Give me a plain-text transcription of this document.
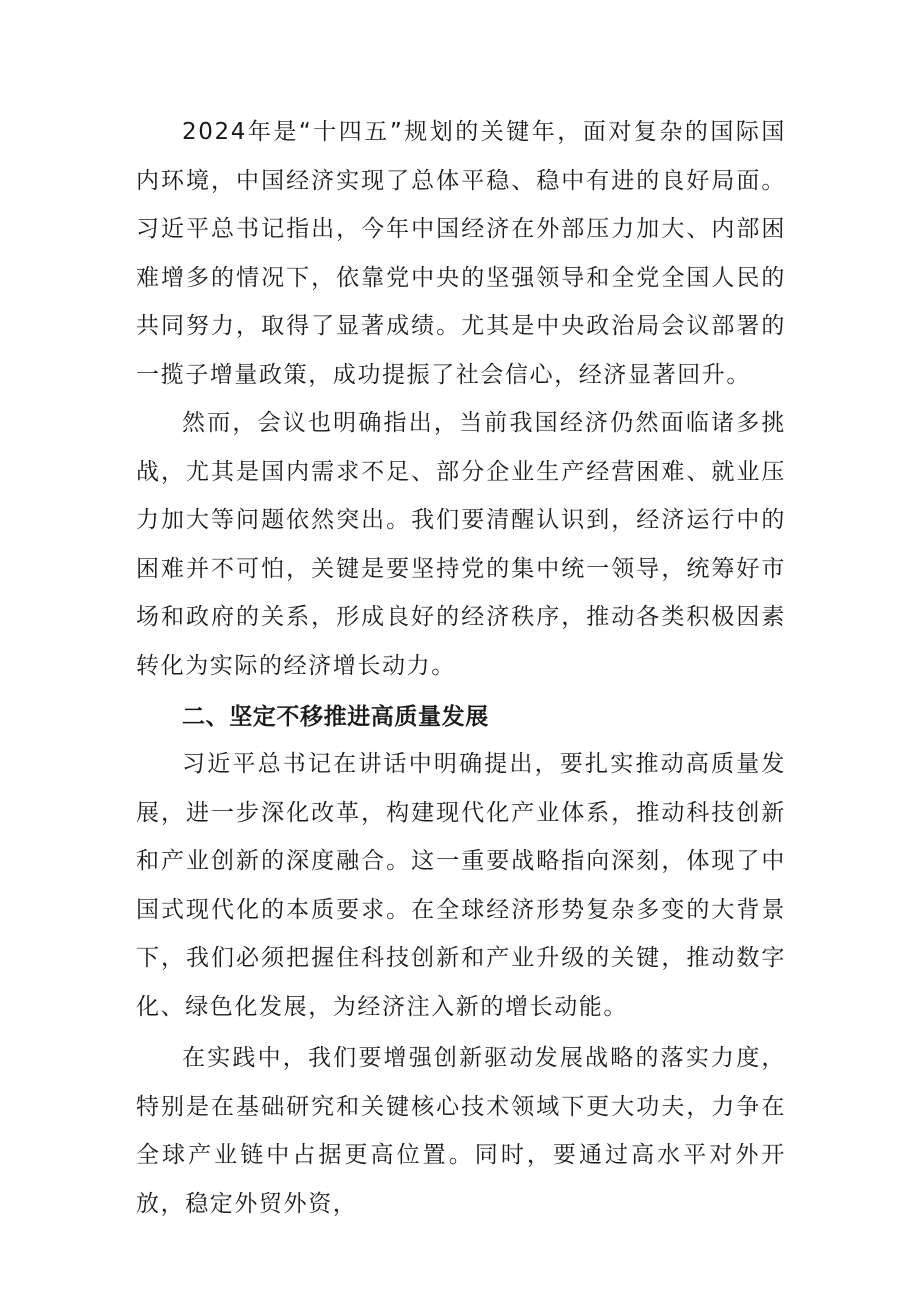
2024年是“十四五”规划的关键年，面对复杂的国际国内环境，中国经济实现了总体平稳、稳中有进的良好局面。习近平总书记指出，今年中国经济在外部压力加大、内部困难增多的情况下，依靠党中央的坚强领导和全党全国人民的共同努力，取得了显著成绩。尤其是中央政治局会议部署的一揽子增量政策，成功提振了社会信心，经济显著回升。

然而，会议也明确指出，当前我国经济仍然面临诸多挑战，尤其是国内需求不足、部分企业生产经营困难、就业压力加大等问题依然突出。我们要清醒认识到，经济运行中的困难并不可怕，关键是要坚持党的集中统一领导，统筹好市场和政府的关系，形成良好的经济秩序，推动各类积极因素转化为实际的经济增长动力。

二、坚定不移推进高质量发展

习近平总书记在讲话中明确提出，要扎实推动高质量发展，进一步深化改革，构建现代化产业体系，推动科技创新和产业创新的深度融合。这一重要战略指向深刻，体现了中国式现代化的本质要求。在全球经济形势复杂多变的大背景下，我们必须把握住科技创新和产业升级的关键，推动数字化、绿色化发展，为经济注入新的增长动能。

在实践中，我们要增强创新驱动发展战略的落实力度，特别是在基础研究和关键核心技术领域下更大功夫，力争在全球产业链中占据更高位置。同时，要通过高水平对外开放，稳定外贸外资，
